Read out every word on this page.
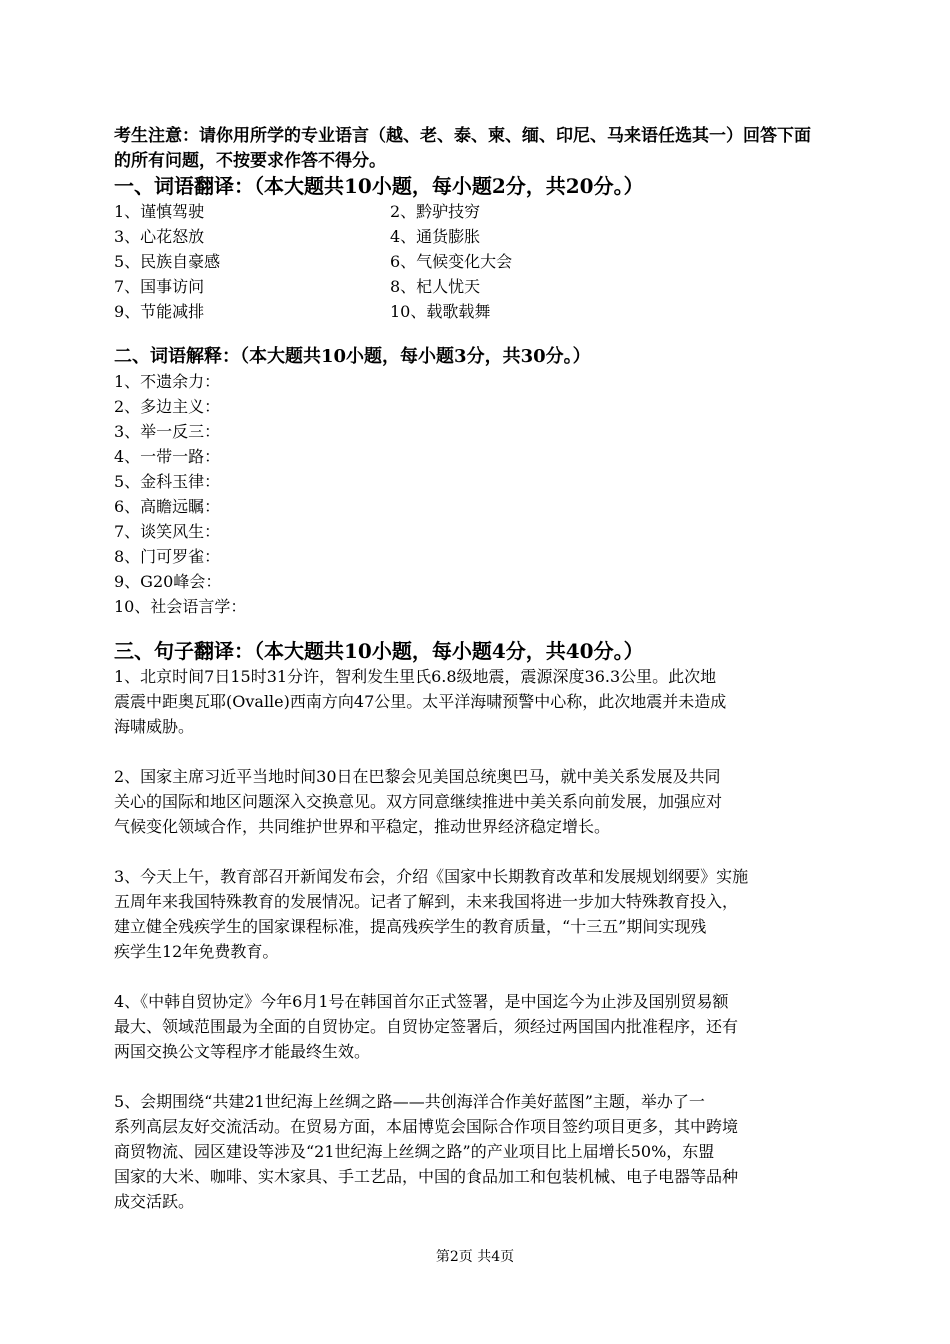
考生注意：请你用所学的专业语言（越、老、泰、柬、缅、印尼、马来语任选其一）回答下面
的所有问题，不按要求作答不得分。
一、词语翻译：（本大题共10小题，每小题2分，共20分。）
1、谨慎驾驶	2、黔驴技穷
3、心花怒放	4、通货膨胀
5、民族自豪感	6、气候变化大会
7、国事访问	8、杞人忧天
9、节能减排	10、载歌载舞
二、词语解释：（本大题共10小题，每小题3分，共30分。）
1、不遗余力：
2、多边主义：
3、举一反三：
4、一带一路：
5、金科玉律：
6、高瞻远瞩：
7、谈笑风生：
8、门可罗雀：
9、G20峰会：
10、社会语言学：
三、句子翻译：（本大题共10小题，每小题4分，共40分。）
1、北京时间7日15时31分许，智利发生里氏6.8级地震，震源深度36.3公里。此次地
震震中距奥瓦耶(Ovalle)西南方向47公里。太平洋海啸预警中心称，此次地震并未造成
海啸威胁。
2、国家主席习近平当地时间30日在巴黎会见美国总统奥巴马，就中美关系发展及共同
关心的国际和地区问题深入交换意见。双方同意继续推进中美关系向前发展，加强应对
气候变化领域合作，共同维护世界和平稳定，推动世界经济稳定增长。
3、今天上午，教育部召开新闻发布会，介绍《国家中长期教育改革和发展规划纲要》实施
五周年来我国特殊教育的发展情况。记者了解到，未来我国将进一步加大特殊教育投入，
建立健全残疾学生的国家课程标准，提高残疾学生的教育质量，“十三五”期间实现残
疾学生12年免费教育。
4、《中韩自贸协定》今年6月1号在韩国首尔正式签署，是中国迄今为止涉及国别贸易额
最大、领域范围最为全面的自贸协定。自贸协定签署后，须经过两国国内批准程序，还有
两国交换公文等程序才能最终生效。
5、会期围绕“共建21世纪海上丝绸之路——共创海洋合作美好蓝图”主题，举办了一
系列高层友好交流活动。在贸易方面，本届博览会国际合作项目签约项目更多，其中跨境
商贸物流、园区建设等涉及“21世纪海上丝绸之路”的产业项目比上届增长50%，东盟
国家的大米、咖啡、实木家具、手工艺品，中国的食品加工和包装机械、电子电器等品种
成交活跃。
第2页 共4页
